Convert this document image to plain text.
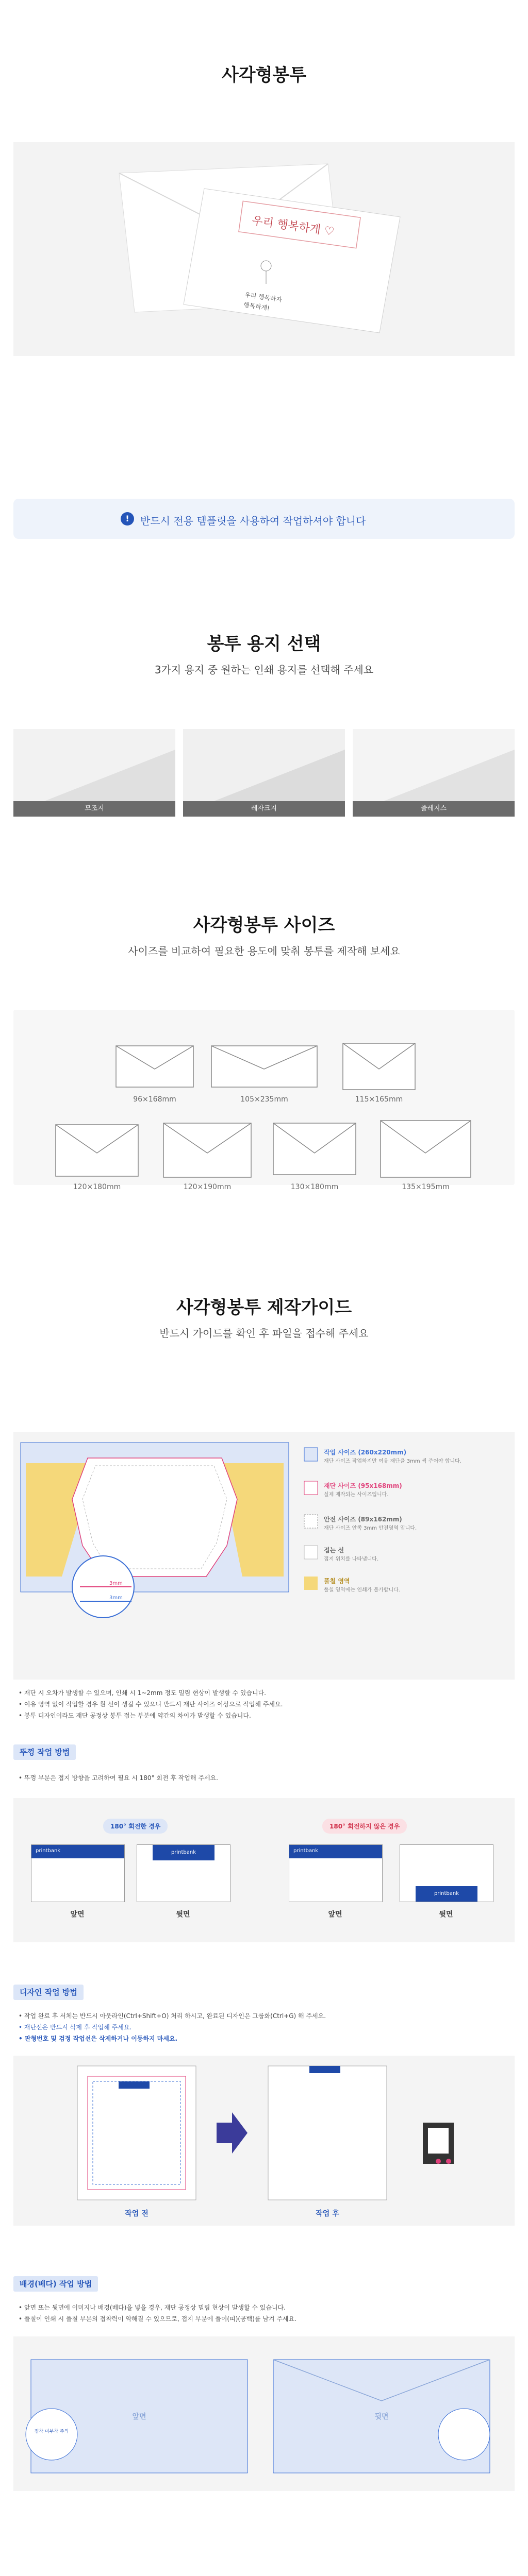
사각형봉투
우리 행복하게 ♡
우리 행복하자
행복하게!
!	반드시 전용 템플릿을 사용하여 작업하셔야 합니다
봉투 용지 선택
3가지 용지 중 원하는 인쇄 용지를 선택해 주세요
모조지	레자크지	줄레지스
사각형봉투 사이즈
사이즈를 비교하여 필요한 용도에 맞춰 봉투를 제작해 보세요
96×168mm	105×235mm	115×165mm
120×180mm	120×190mm	130×180mm	135×195mm
사각형봉투 제작가이드
반드시 가이드를 확인 후 파일을 접수해 주세요
3mm
3mm
작업 사이즈 (260x220mm)
재단 사이즈 작업하지만 여유 재단을 3mm 씩 주어야 합니다.
재단 사이즈 (95x168mm)
실제 제작되는 사이즈입니다.
안전 사이즈 (89x162mm)
재단 사이즈 안쪽 3mm 안전영역 입니다.
접는 선
접지 위치를 나타냅니다.
풀칠 영역
풀칠 영역에는 인쇄가 불가합니다.
• 재단 시 오차가 발생할 수 있으며, 인쇄 시 1~2mm 정도 밀림 현상이 발생할 수 있습니다.
• 여유 영역 없이 작업할 경우 흰 선이 생길 수 있으니 반드시 재단 사이즈 이상으로 작업해 주세요.
• 봉투 디자인이라도 재단 공정상 봉투 접는 부분에 약간의 차이가 발생할 수 있습니다.
뚜껑 작업 방법
• 뚜껑 부분은 접지 방향을 고려하여 필요 시 180° 회전 후 작업해 주세요.
180° 회전한 경우	180° 회전하지 않은 경우
printbank	printbank	printbank
printbank
앞면	뒷면	앞면	뒷면
디자인 작업 방법
• 작업 완료 후 서체는 반드시 아웃라인(Ctrl+Shift+O) 처리 하시고, 완료된 디자인은 그룹화(Ctrl+G) 해 주세요.
• 재단선은 반드시 삭제 후 작업해 주세요.
• 판형번호 및 검정 작업선은 삭제하거나 이동하지 마세요.
작업 전	작업 후
배경(베다) 작업 방법
• 앞면 또는 뒷면에 이미지나 배경(베다)을 넣을 경우, 재단 공정상 밀림 현상이 발생할 수 있습니다.
• 풀칠이 인쇄 시 풀칠 부분의 접착력이 약해질 수 있으므로, 접지 부분에 풀이(띠)(공백)를 남겨 주세요.
앞면	뒷면
접착 미부착 주의
